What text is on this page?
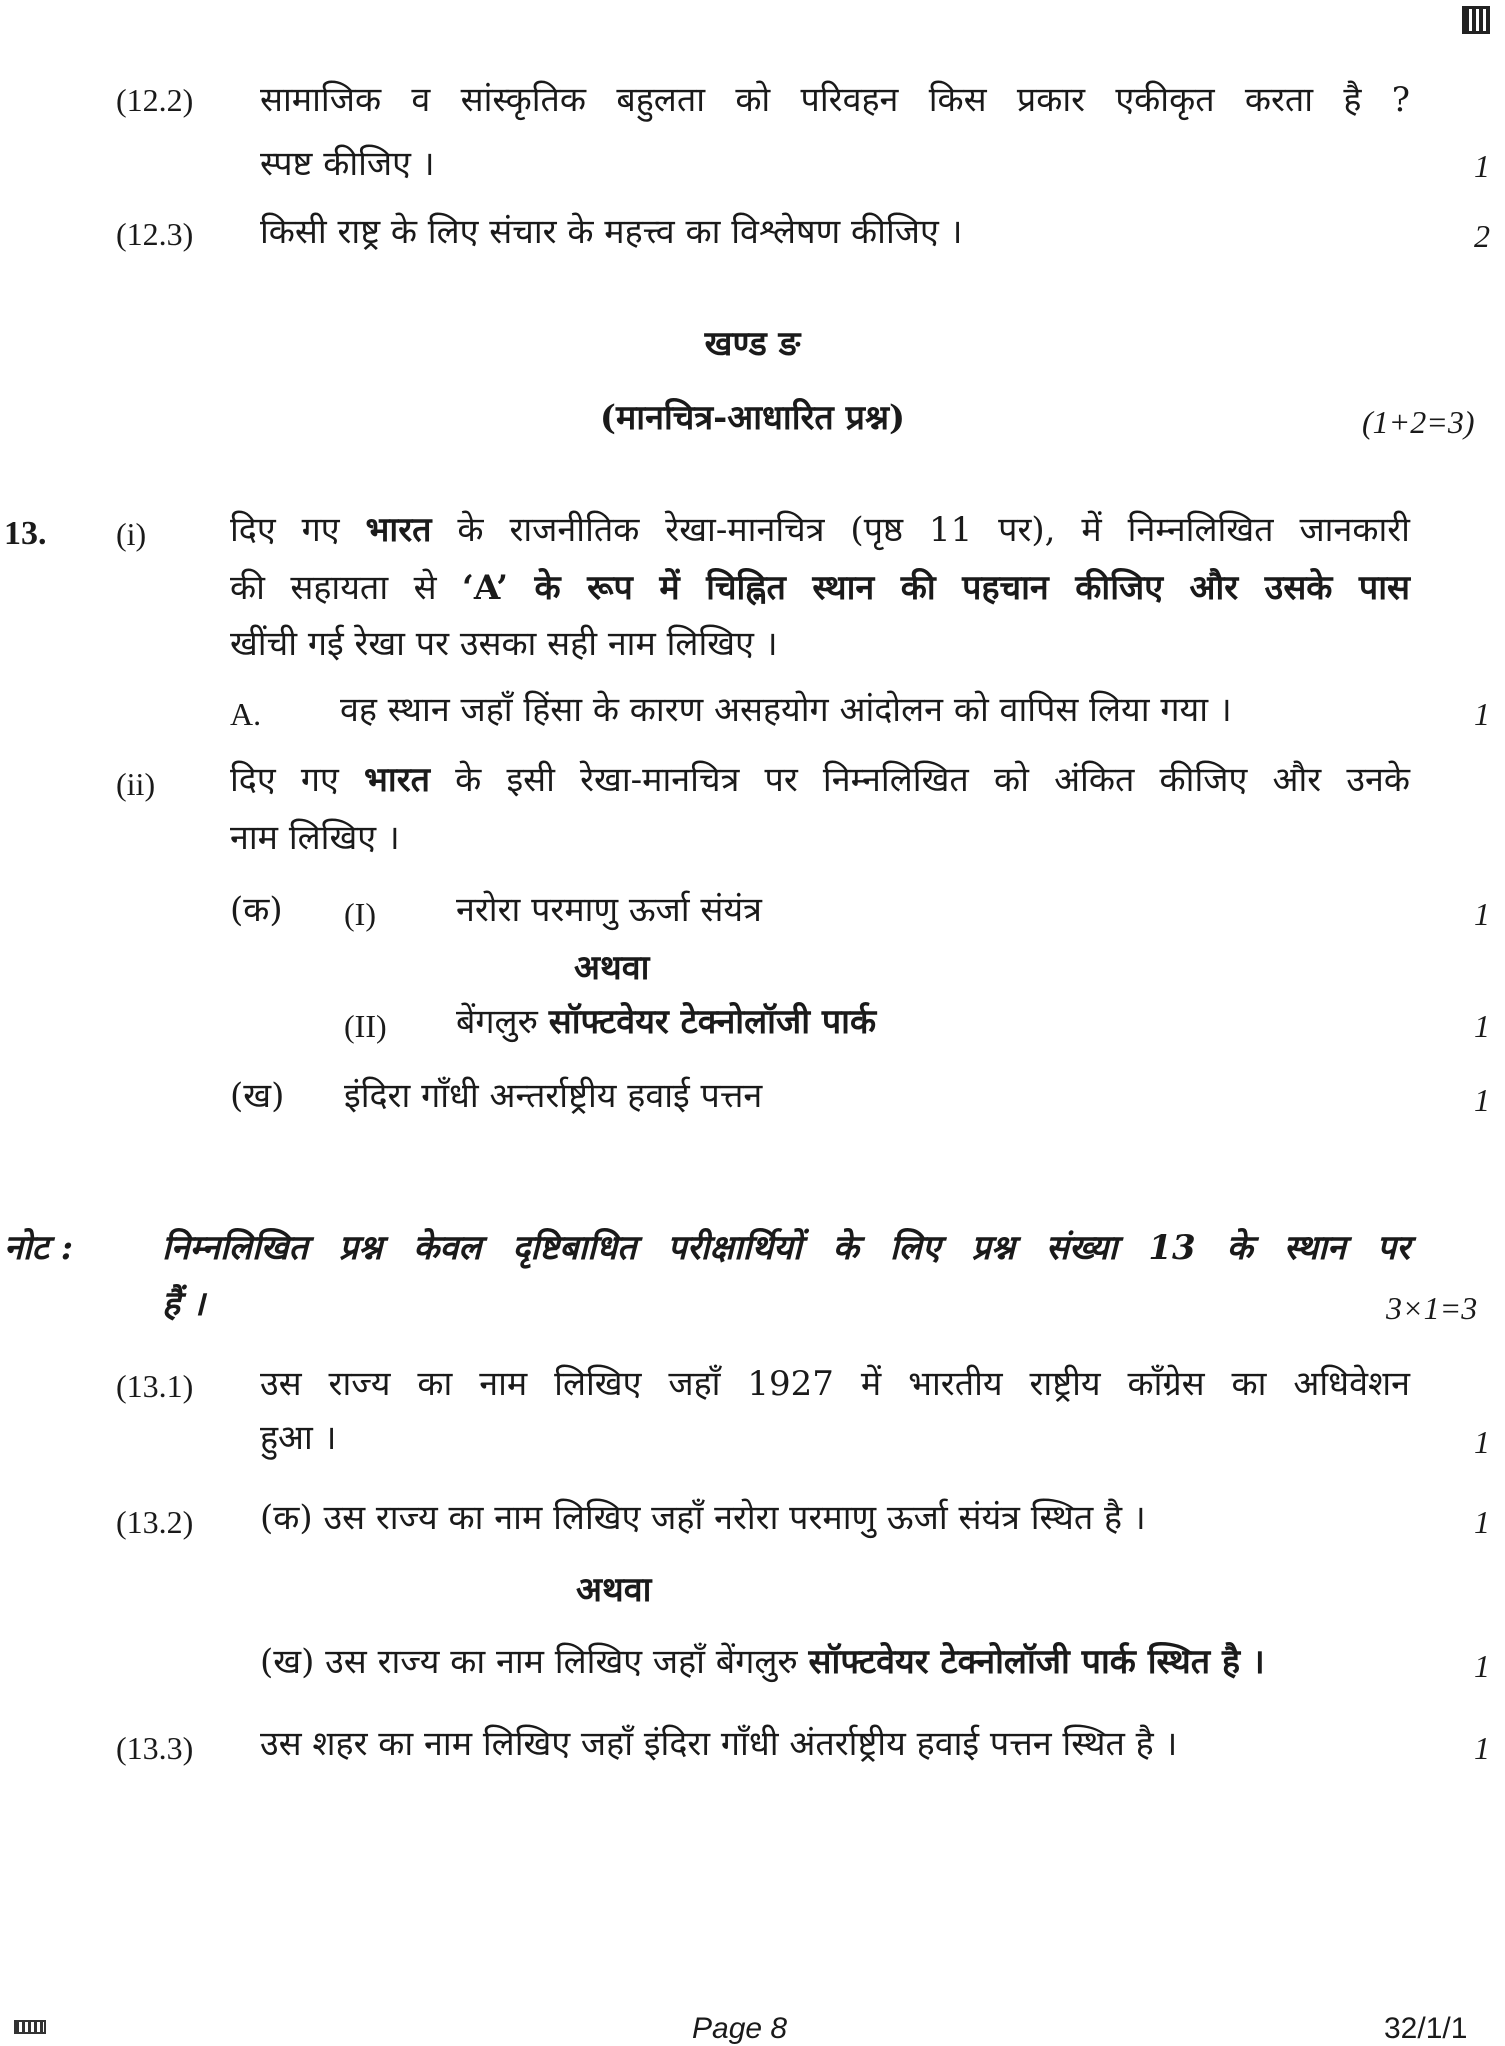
(12.2) सामाजिक व सांस्कृतिक बहुलता को परिवहन किस प्रकार एकीकृत करता है ?
स्पष्ट कीजिए ।	1
(12.3) किसी राष्ट्र के लिए संचार के महत्त्व का विश्लेषण कीजिए ।	2
खण्ड ङ
(मानचित्र-आधारित प्रश्न)	(1+2=3)
13. (i) दिए गए भारत के राजनीतिक रेखा-मानचित्र (पृष्ठ 11 पर), में निम्नलिखित जानकारी
की सहायता से ‘A’ के रूप में चिह्नित स्थान की पहचान कीजिए और उसके पास
खींची गई रेखा पर उसका सही नाम लिखिए ।
A. वह स्थान जहाँ हिंसा के कारण असहयोग आंदोलन को वापिस लिया गया ।	1
(ii) दिए गए भारत के इसी रेखा-मानचित्र पर निम्नलिखित को अंकित कीजिए और उनके
नाम लिखिए ।
(क) (I) नरोरा परमाणु ऊर्जा संयंत्र	1
अथवा
(II) बेंगलुरु सॉफ्टवेयर टेक्नोलॉजी पार्क	1
(ख) इंदिरा गाँधी अन्तर्राष्ट्रीय हवाई पत्तन	1
नोट :	निम्नलिखित प्रश्न केवल दृष्टिबाधित परीक्षार्थियों के लिए प्रश्न संख्या 13 के स्थान पर
हैं ।	3×1=3
(13.1) उस राज्य का नाम लिखिए जहाँ 1927 में भारतीय राष्ट्रीय काँग्रेस का अधिवेशन
हुआ ।	1
(13.2) (क) उस राज्य का नाम लिखिए जहाँ नरोरा परमाणु ऊर्जा संयंत्र स्थित है ।	1
अथवा
(ख) उस राज्य का नाम लिखिए जहाँ बेंगलुरु सॉफ्टवेयर टेक्नोलॉजी पार्क स्थित है ।	1
(13.3) उस शहर का नाम लिखिए जहाँ इंदिरा गाँधी अंतर्राष्ट्रीय हवाई पत्तन स्थित है ।	1
Page 8	32/1/1
